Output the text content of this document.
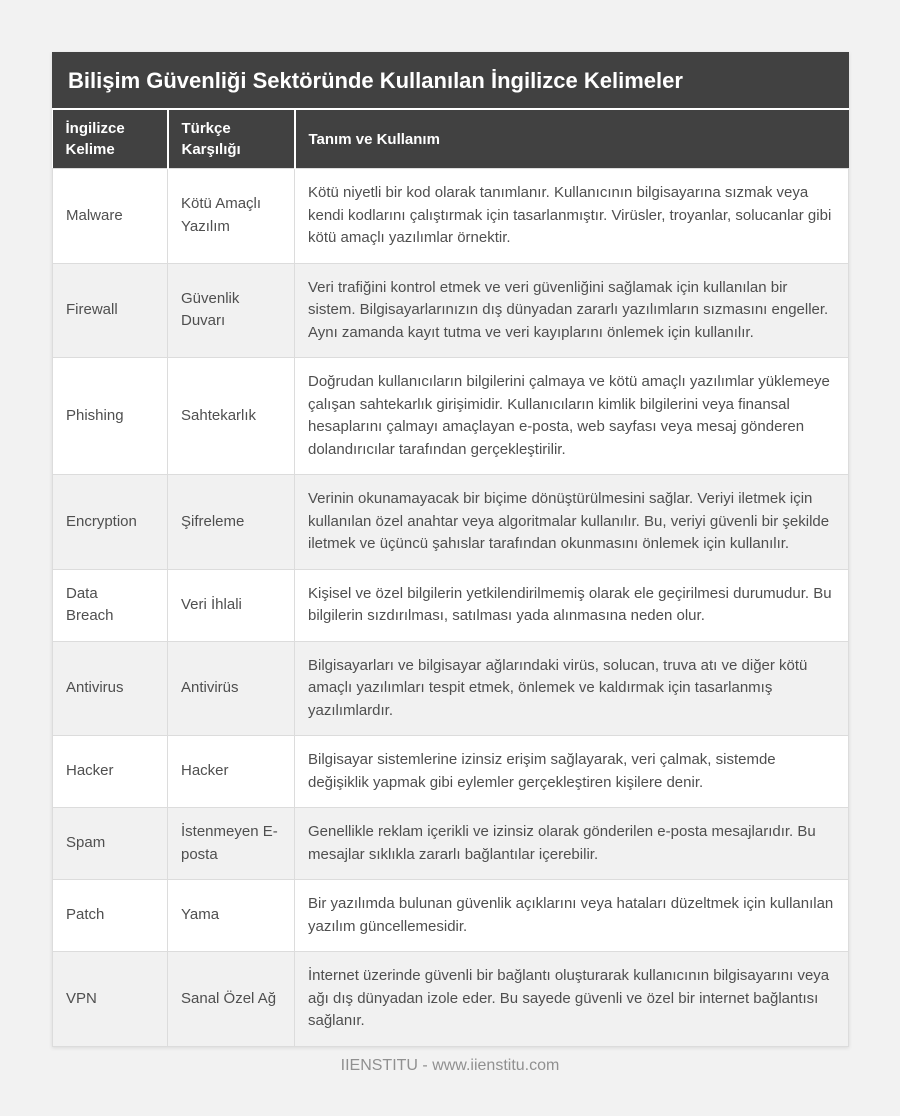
Bilişim Güvenliği Sektöründe Kullanılan İngilizce Kelimeler
İngilizce Kelime	Türkçe Karşılığı	Tanım ve Kullanım
Malware	Kötü Amaçlı Yazılım	Kötü niyetli bir kod olarak tanımlanır. Kullanıcının bilgisayarına sızmak veya kendi kodlarını çalıştırmak için tasarlanmıştır. Virüsler, troyanlar, solucanlar gibi kötü amaçlı yazılımlar örnektir.
Firewall	Güvenlik Duvarı	Veri trafiğini kontrol etmek ve veri güvenliğini sağlamak için kullanılan bir sistem. Bilgisayarlarınızın dış dünyadan zararlı yazılımların sızmasını engeller. Aynı zamanda kayıt tutma ve veri kayıplarını önlemek için kullanılır.
Phishing	Sahtekarlık	Doğrudan kullanıcıların bilgilerini çalmaya ve kötü amaçlı yazılımlar yüklemeye çalışan sahtekarlık girişimidir. Kullanıcıların kimlik bilgilerini veya finansal hesaplarını çalmayı amaçlayan e-posta, web sayfası veya mesaj gönderen dolandırıcılar tarafından gerçekleştirilir.
Encryption	Şifreleme	Verinin okunamayacak bir biçime dönüştürülmesini sağlar. Veriyi iletmek için kullanılan özel anahtar veya algoritmalar kullanılır. Bu, veriyi güvenli bir şekilde iletmek ve üçüncü şahıslar tarafından okunmasını önlemek için kullanılır.
Data Breach	Veri İhlali	Kişisel ve özel bilgilerin yetkilendirilmemiş olarak ele geçirilmesi durumudur. Bu bilgilerin sızdırılması, satılması yada alınmasına neden olur.
Antivirus	Antivirüs	Bilgisayarları ve bilgisayar ağlarındaki virüs, solucan, truva atı ve diğer kötü amaçlı yazılımları tespit etmek, önlemek ve kaldırmak için tasarlanmış yazılımlardır.
Hacker	Hacker	Bilgisayar sistemlerine izinsiz erişim sağlayarak, veri çalmak, sistemde değişiklik yapmak gibi eylemler gerçekleştiren kişilere denir.
Spam	İstenmeyen E-posta	Genellikle reklam içerikli ve izinsiz olarak gönderilen e-posta mesajlarıdır. Bu mesajlar sıklıkla zararlı bağlantılar içerebilir.
Patch	Yama	Bir yazılımda bulunan güvenlik açıklarını veya hataları düzeltmek için kullanılan yazılım güncellemesidir.
VPN	Sanal Özel Ağ	İnternet üzerinde güvenli bir bağlantı oluşturarak kullanıcının bilgisayarını veya ağı dış dünyadan izole eder. Bu sayede güvenli ve özel bir internet bağlantısı sağlanır.
IIENSTITU - www.iienstitu.com
